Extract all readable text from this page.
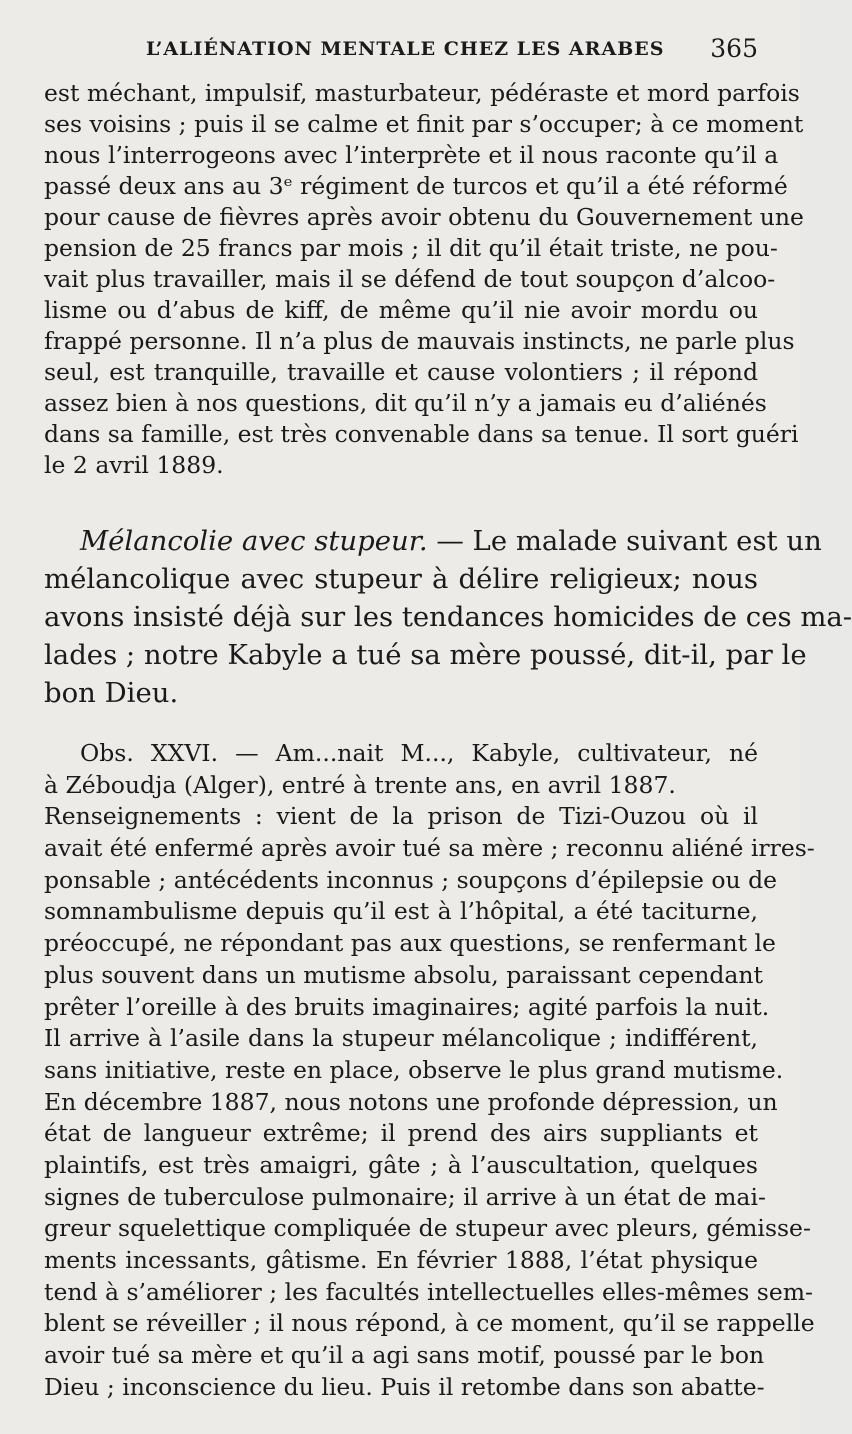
L’ALIÉNATION MENTALE CHEZ LES ARABES 365
est méchant, impulsif, masturbateur, pédéraste et mord parfois
ses voisins ; puis il se calme et finit par s’occuper; à ce moment
nous l’interrogeons avec l’interprète et il nous raconte qu’il a
passé deux ans au 3ᵉ régiment de turcos et qu’il a été réformé
pour cause de fièvres après avoir obtenu du Gouvernement une
pension de 25 francs par mois ; il dit qu’il était triste, ne pou-
vait plus travailler, mais il se défend de tout soupçon d’alcoo-
lisme ou d’abus de kiff, de même qu’il nie avoir mordu ou
frappé personne. Il n’a plus de mauvais instincts, ne parle plus
seul, est tranquille, travaille et cause volontiers ; il répond
assez bien à nos questions, dit qu’il n’y a jamais eu d’aliénés
dans sa famille, est très convenable dans sa tenue. Il sort guéri
le 2 avril 1889.
Mélancolie avec stupeur. — Le malade suivant est un
mélancolique avec stupeur à délire religieux; nous
avons insisté déjà sur les tendances homicides de ces ma-
lades ; notre Kabyle a tué sa mère poussé, dit-il, par le
bon Dieu.
Obs. XXVI. — Am...nait M..., Kabyle, cultivateur, né
à Zéboudja (Alger), entré à trente ans, en avril 1887.
Renseignements : vient de la prison de Tizi-Ouzou où il
avait été enfermé après avoir tué sa mère ; reconnu aliéné irres-
ponsable ; antécédents inconnus ; soupçons d’épilepsie ou de
somnambulisme depuis qu’il est à l’hôpital, a été taciturne,
préoccupé, ne répondant pas aux questions, se renfermant le
plus souvent dans un mutisme absolu, paraissant cependant
prêter l’oreille à des bruits imaginaires; agité parfois la nuit.
Il arrive à l’asile dans la stupeur mélancolique ; indifférent,
sans initiative, reste en place, observe le plus grand mutisme.
En décembre 1887, nous notons une profonde dépression, un
état de langueur extrême; il prend des airs suppliants et
plaintifs, est très amaigri, gâte ; à l’auscultation, quelques
signes de tuberculose pulmonaire; il arrive à un état de mai-
greur squelettique compliquée de stupeur avec pleurs, gémisse-
ments incessants, gâtisme. En février 1888, l’état physique
tend à s’améliorer ; les facultés intellectuelles elles-mêmes sem-
blent se réveiller ; il nous répond, à ce moment, qu’il se rappelle
avoir tué sa mère et qu’il a agi sans motif, poussé par le bon
Dieu ; inconscience du lieu. Puis il retombe dans son abatte-
